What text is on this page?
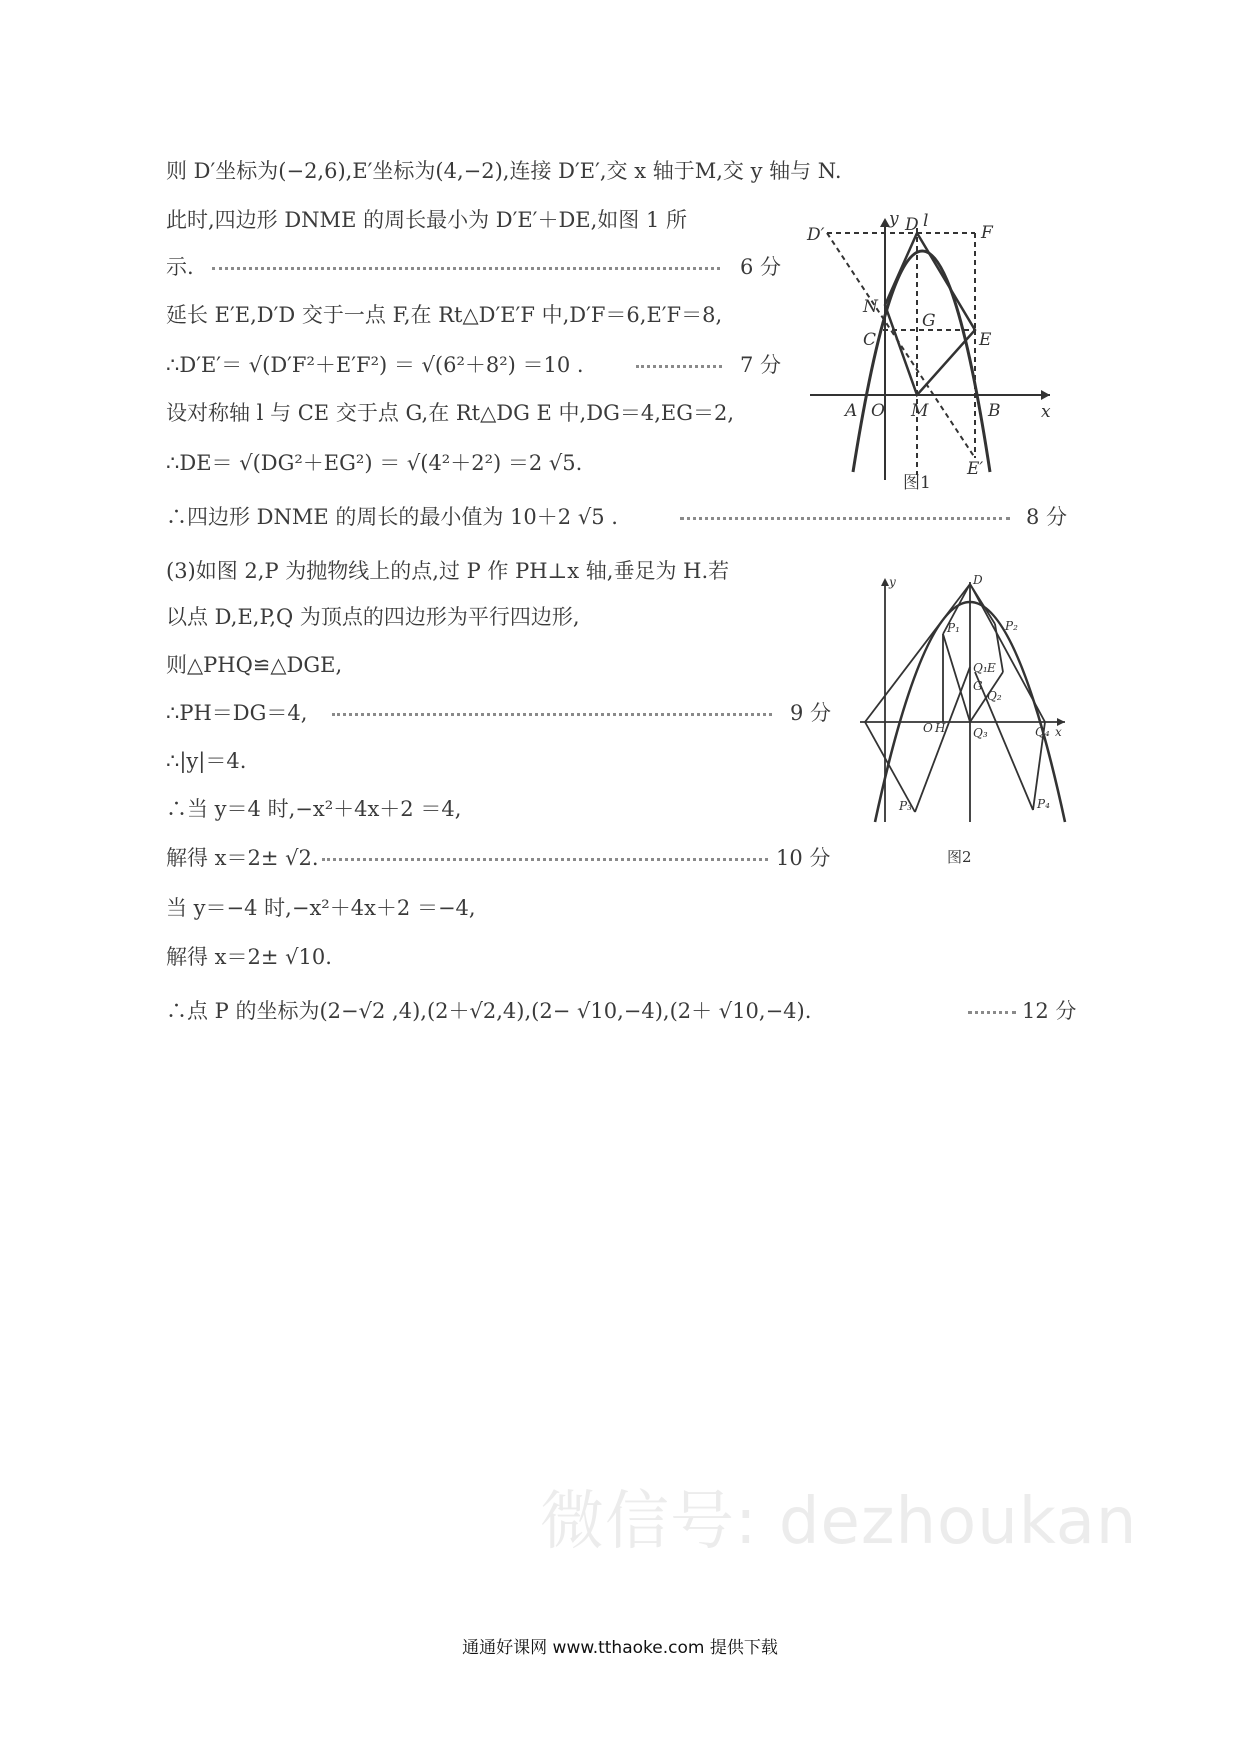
则 D′坐标为(−2,6),E′坐标为(4,−2),连接 D′E′,交 x 轴于M,交 y 轴与 N.
此时,四边形 DNME 的周长最小为 D′E′＋DE,如图 1 所
示.	6 分
延长 E′E,D′D 交于一点 F,在 Rt△D′E′F 中,D′F＝6,E′F＝8,
∴D′E′＝ √(D′F²＋E′F²) ＝ √(6²＋8²) ＝10 .	7 分
设对称轴 l 与 CE 交于点 G,在 Rt△DG E 中,DG＝4,EG＝2,
∴DE＝ √(DG²＋EG²) ＝ √(4²＋2²) ＝2 √5.
∴四边形 DNME 的周长的最小值为 10＋2 √5 .	8 分
(3)如图 2,P 为抛物线上的点,过 P 作 PH⊥x 轴,垂足为 H.若
以点 D,E,P,Q 为顶点的四边形为平行四边形,
则△PHQ≌△DGE,
∴PH＝DG＝4,	9 分
∴|y|＝4.
∴当 y＝4 时,−x²＋4x＋2 ＝4,
解得 x＝2± √2.	10 分
当 y＝−4 时,−x²＋4x＋2 ＝−4,
解得 x＝2± √10.
∴点 P 的坐标为(2−√2 ,4),(2＋√2,4),(2− √10,−4),(2＋ √10,−4).	12 分
y
x
D l
F
D′
N
C
G
E
A O M	B
E′
图1
y	D
P₁	P₂
Q₁ E
G
Q₂
Q₃
O H	Q₄ x
P₃	P₄
图2
微信号: dezhoukan
通通好课网 www.tthaoke.com 提供下载
